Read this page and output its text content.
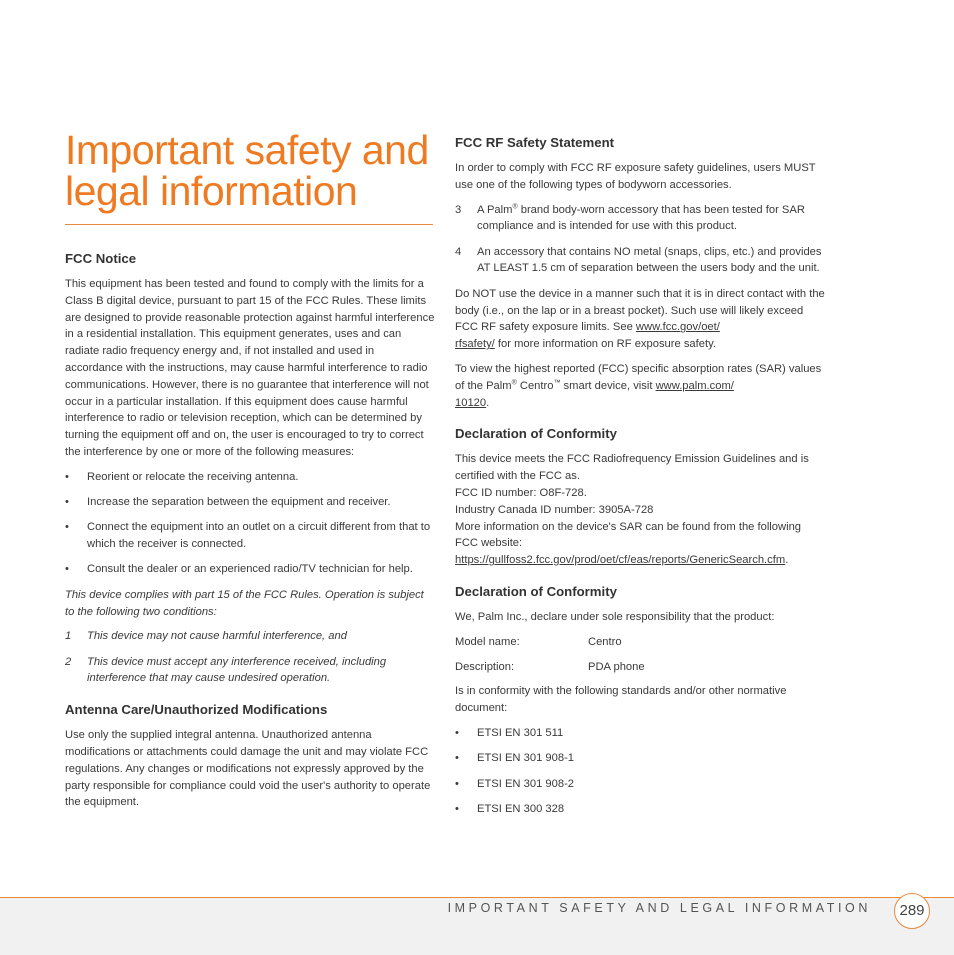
Important safety and legal information
FCC Notice

This equipment has been tested and found to comply with the limits for a Class B digital device, pursuant to part 15 of the FCC Rules. These limits are designed to provide reasonable protection against harmful interference in a residential installation. This equipment generates, uses and can radiate radio frequency energy and, if not installed and used in accordance with the instructions, may cause harmful interference to radio communications. However, there is no guarantee that interference will not occur in a particular installation. If this equipment does cause harmful interference to radio or television reception, which can be determined by turning the equipment off and on, the user is encouraged to try to correct the interference by one or more of the following measures:

• Reorient or relocate the receiving antenna.
• Increase the separation between the equipment and receiver.
• Connect the equipment into an outlet on a circuit different from that to which the receiver is connected.
• Consult the dealer or an experienced radio/TV technician for help.

This device complies with part 15 of the FCC Rules. Operation is subject to the following two conditions:

1 This device may not cause harmful interference, and
2 This device must accept any interference received, including interference that may cause undesired operation.
Antenna Care/Unauthorized Modifications

Use only the supplied integral antenna. Unauthorized antenna modifications or attachments could damage the unit and may violate FCC regulations. Any changes or modifications not expressly approved by the party responsible for compliance could void the user's authority to operate the equipment.

FCC RF Safety Statement

In order to comply with FCC RF exposure safety guidelines, users MUST use one of the following types of bodyworn accessories.

3 A Palm® brand body-worn accessory that has been tested for SAR compliance and is intended for use with this product.
4 An accessory that contains NO metal (snaps, clips, etc.) and provides AT LEAST 1.5 cm of separation between the users body and the unit.

Do NOT use the device in a manner such that it is in direct contact with the body (i.e., on the lap or in a breast pocket). Such use will likely exceed FCC RF safety exposure limits. See www.fcc.gov/oet/
rfsafety/ for more information on RF exposure safety.

To view the highest reported (FCC) specific absorption rates (SAR) values of the Palm® Centro™ smart device, visit www.palm.com/
10120.

Declaration of Conformity

This device meets the FCC Radiofrequency Emission Guidelines and is certified with the FCC as.
FCC ID number: O8F-728.
Industry Canada ID number: 3905A-728
More information on the device's SAR can be found from the following FCC website:
https://gullfoss2.fcc.gov/prod/oet/cf/eas/reports/GenericSearch.cfm.

Declaration of Conformity

We, Palm Inc., declare under sole responsibility that the product:

Model name:	Centro
Description:	PDA phone

Is in conformity with the following standards and/or other normative document:

• ETSI EN 301 511
• ETSI EN 301 908-1
• ETSI EN 301 908-2
• ETSI EN 300 328
IMPORTANT SAFETY AND LEGAL INFORMATION	289
